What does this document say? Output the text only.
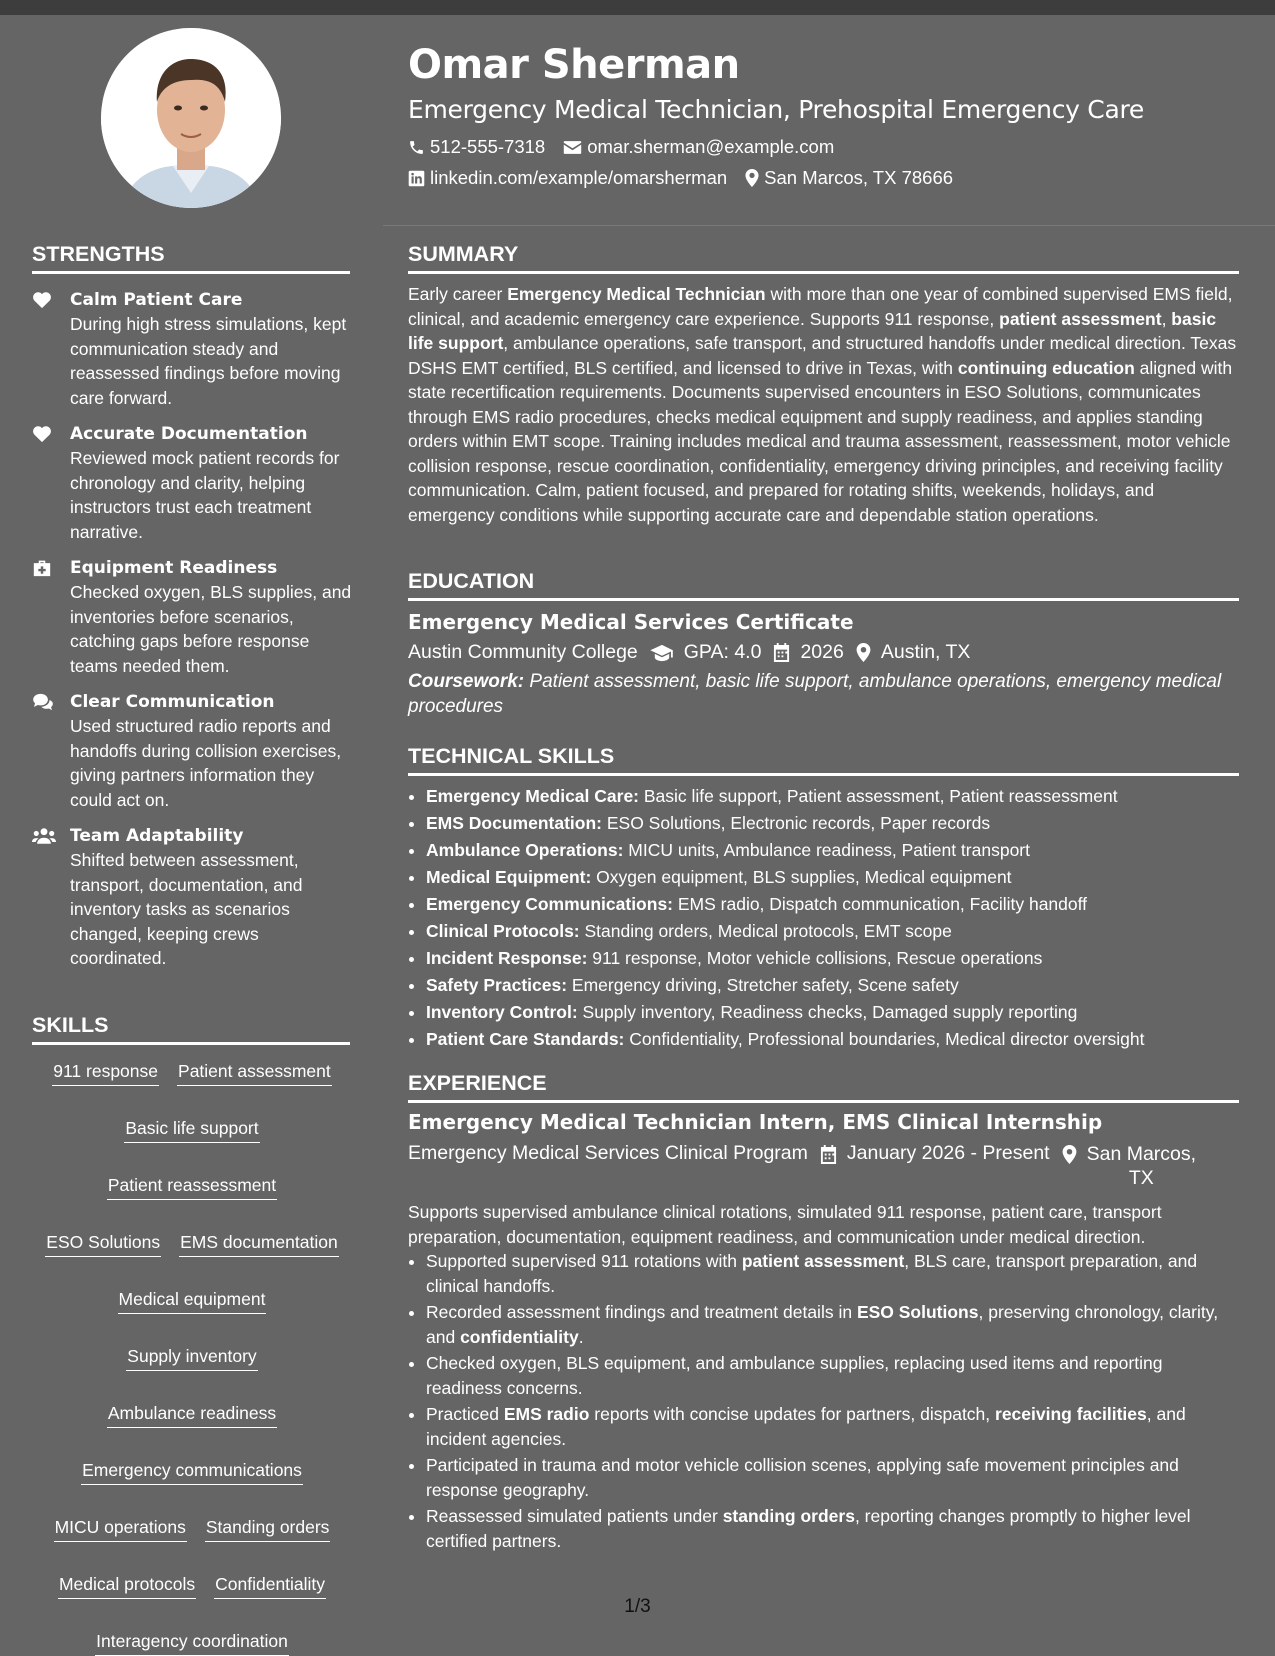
Omar Sherman
Emergency Medical Technician, Prehospital Emergency Care
512-555-7318 omar.sherman@example.com
linkedin.com/example/omarsherman San Marcos, TX 78666
STRENGTHS
Calm Patient Care
During high stress simulations, kept communication steady and reassessed findings before moving care forward.
Accurate Documentation
Reviewed mock patient records for chronology and clarity, helping instructors trust each treatment narrative.
Equipment Readiness
Checked oxygen, BLS supplies, and inventories before scenarios, catching gaps before response teams needed them.
Clear Communication
Used structured radio reports and handoffs during collision exercises, giving partners information they could act on.
Team Adaptability
Shifted between assessment, transport, documentation, and inventory tasks as scenarios changed, keeping crews coordinated.
SKILLS
911 response Patient assessment
Basic life support
Patient reassessment
ESO Solutions EMS documentation
Medical equipment
Supply inventory
Ambulance readiness
Emergency communications
MICU operations Standing orders
Medical protocols Confidentiality
Interagency coordination
SUMMARY

Early career Emergency Medical Technician with more than one year of combined supervised EMS field, clinical, and academic emergency care experience. Supports 911 response, patient assessment, basic life support, ambulance operations, safe transport, and structured handoffs under medical direction. Texas DSHS EMT certified, BLS certified, and licensed to drive in Texas, with continuing education aligned with state recertification requirements. Documents supervised encounters in ESO Solutions, communicates through EMS radio procedures, checks medical equipment and supply readiness, and applies standing orders within EMT scope. Training includes medical and trauma assessment, reassessment, motor vehicle collision response, rescue coordination, confidentiality, emergency driving principles, and receiving facility communication. Calm, patient focused, and prepared for rotating shifts, weekends, holidays, and emergency conditions while supporting accurate care and dependable station operations.

EDUCATION
Emergency Medical Services Certificate
Austin Community College GPA: 4.0 2026 Austin, TX
Coursework: Patient assessment, basic life support, ambulance operations, emergency medical procedures
TECHNICAL SKILLS
• Emergency Medical Care: Basic life support, Patient assessment, Patient reassessment
• EMS Documentation: ESO Solutions, Electronic records, Paper records
• Ambulance Operations: MICU units, Ambulance readiness, Patient transport
• Medical Equipment: Oxygen equipment, BLS supplies, Medical equipment
• Emergency Communications: EMS radio, Dispatch communication, Facility handoff
• Clinical Protocols: Standing orders, Medical protocols, EMT scope
• Incident Response: 911 response, Motor vehicle collisions, Rescue operations
• Safety Practices: Emergency driving, Stretcher safety, Scene safety
• Inventory Control: Supply inventory, Readiness checks, Damaged supply reporting
• Patient Care Standards: Confidentiality, Professional boundaries, Medical director oversight
EXPERIENCE
Emergency Medical Technician Intern, EMS Clinical Internship
Emergency Medical Services Clinical Program January 2026 - Present San Marcos,
TX

Supports supervised ambulance clinical rotations, simulated 911 response, patient care, transport preparation, documentation, equipment readiness, and communication under medical direction.

• Supported supervised 911 rotations with patient assessment, BLS care, transport preparation, and clinical handoffs.
• Recorded assessment findings and treatment details in ESO Solutions, preserving chronology, clarity, and confidentiality.
• Checked oxygen, BLS equipment, and ambulance supplies, replacing used items and reporting readiness concerns.
• Practiced EMS radio reports with concise updates for partners, dispatch, receiving facilities, and incident agencies.
• Participated in trauma and motor vehicle collision scenes, applying safe movement principles and response geography.
• Reassessed simulated patients under standing orders, reporting changes promptly to higher level certified partners.
1/3
